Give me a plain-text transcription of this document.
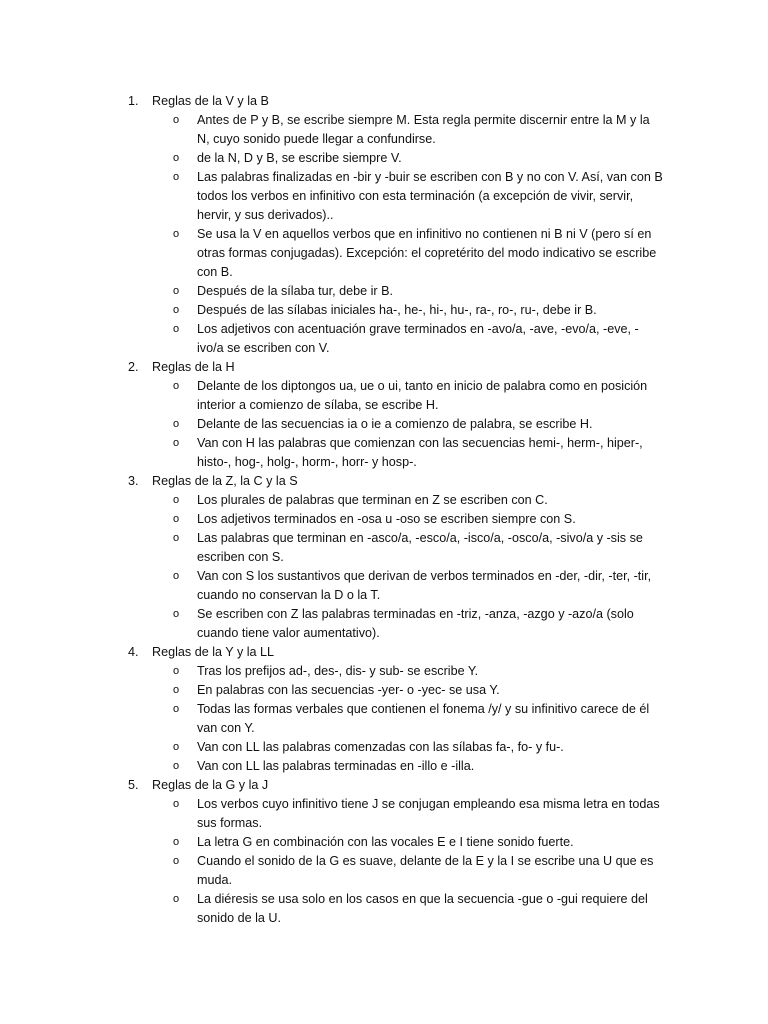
1. Reglas de la V y la B
o Antes de P y B, se escribe siempre M. Esta regla permite discernir entre la M y la N, cuyo sonido puede llegar a confundirse.
o de la N, D y B, se escribe siempre V.
o Las palabras finalizadas en -bir y -buir se escriben con B y no con V. Así, van con B todos los verbos en infinitivo con esta terminación (a excepción de vivir, servir, hervir, y sus derivados)..
o Se usa la V en aquellos verbos que en infinitivo no contienen ni B ni V (pero sí en otras formas conjugadas). Excepción: el copretérito del modo indicativo se escribe con B.
o Después de la sílaba tur, debe ir B.
o Después de las sílabas iniciales ha-, he-, hi-, hu-, ra-, ro-, ru-, debe ir B.
o Los adjetivos con acentuación grave terminados en -avo/a, -ave, -evo/a, -eve, -ivo/a se escriben con V.
2. Reglas de la H
o Delante de los diptongos ua, ue o ui, tanto en inicio de palabra como en posición interior a comienzo de sílaba, se escribe H.
o Delante de las secuencias ia o ie a comienzo de palabra, se escribe H.
o Van con H las palabras que comienzan con las secuencias hemi-, herm-, hiper-, histo-, hog-, holg-, horm-, horr- y hosp-.
3. Reglas de la Z, la C y la S
o Los plurales de palabras que terminan en Z se escriben con C.
o Los adjetivos terminados en -osa u -oso se escriben siempre con S.
o Las palabras que terminan en -asco/a, -esco/a, -isco/a, -osco/a, -sivo/a y -sis se escriben con S.
o Van con S los sustantivos que derivan de verbos terminados en -der, -dir, -ter, -tir, cuando no conservan la D o la T.
o Se escriben con Z las palabras terminadas en -triz, -anza, -azgo y -azo/a (solo cuando tiene valor aumentativo).
4. Reglas de la Y y la LL
o Tras los prefijos ad-, des-, dis- y sub- se escribe Y.
o En palabras con las secuencias -yer- o -yec- se usa Y.
o Todas las formas verbales que contienen el fonema /y/ y su infinitivo carece de él van con Y.
o Van con LL las palabras comenzadas con las sílabas fa-, fo- y fu-.
o Van con LL las palabras terminadas en -illo e -illa.
5. Reglas de la G y la J
o Los verbos cuyo infinitivo tiene J se conjugan empleando esa misma letra en todas sus formas.
o La letra G en combinación con las vocales E e I tiene sonido fuerte.
o Cuando el sonido de la G es suave, delante de la E y la I se escribe una U que es muda.
o La diéresis se usa solo en los casos en que la secuencia -gue o -gui requiere del sonido de la U.
